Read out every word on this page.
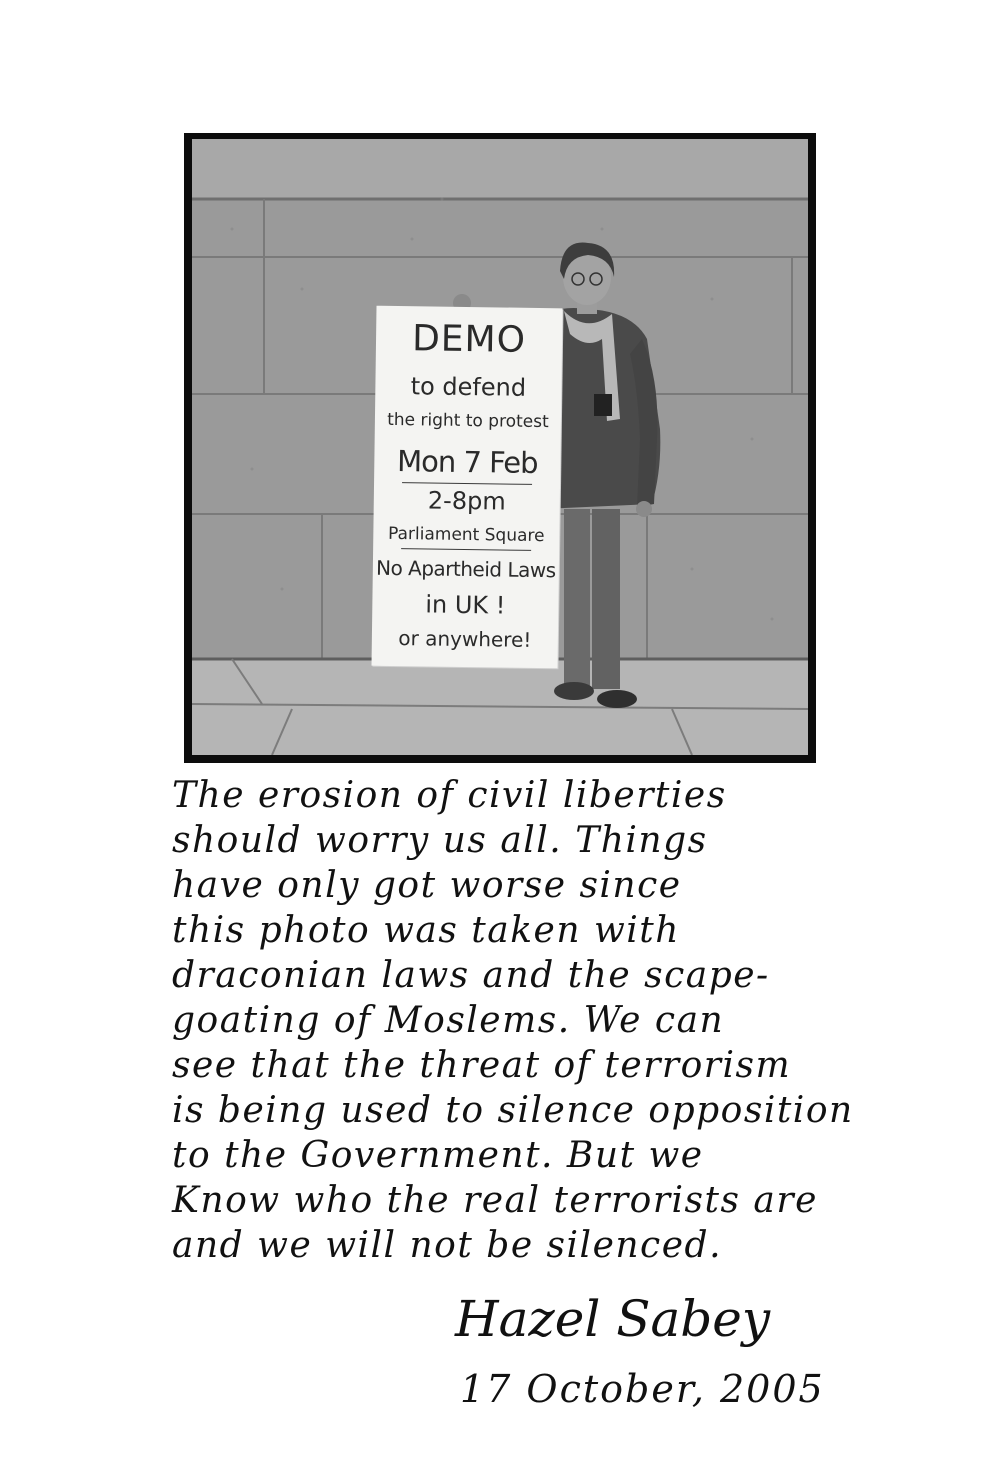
DEMO
to defend
the right to protest
Mon 7 Feb
2-8pm
Parliament Square
No Apartheid Laws
in UK !
or anywhere!
The erosion of civil liberties
should worry us all. Things
have only got worse since
this photo was taken with
draconian laws and the scape-
goating of Moslems. We can
see that the threat of terrorism
is being used to silence opposition
to the Government. But we
Know who the real terrorists are
and we will not be silenced.
Hazel Sabey
17 October, 2005
